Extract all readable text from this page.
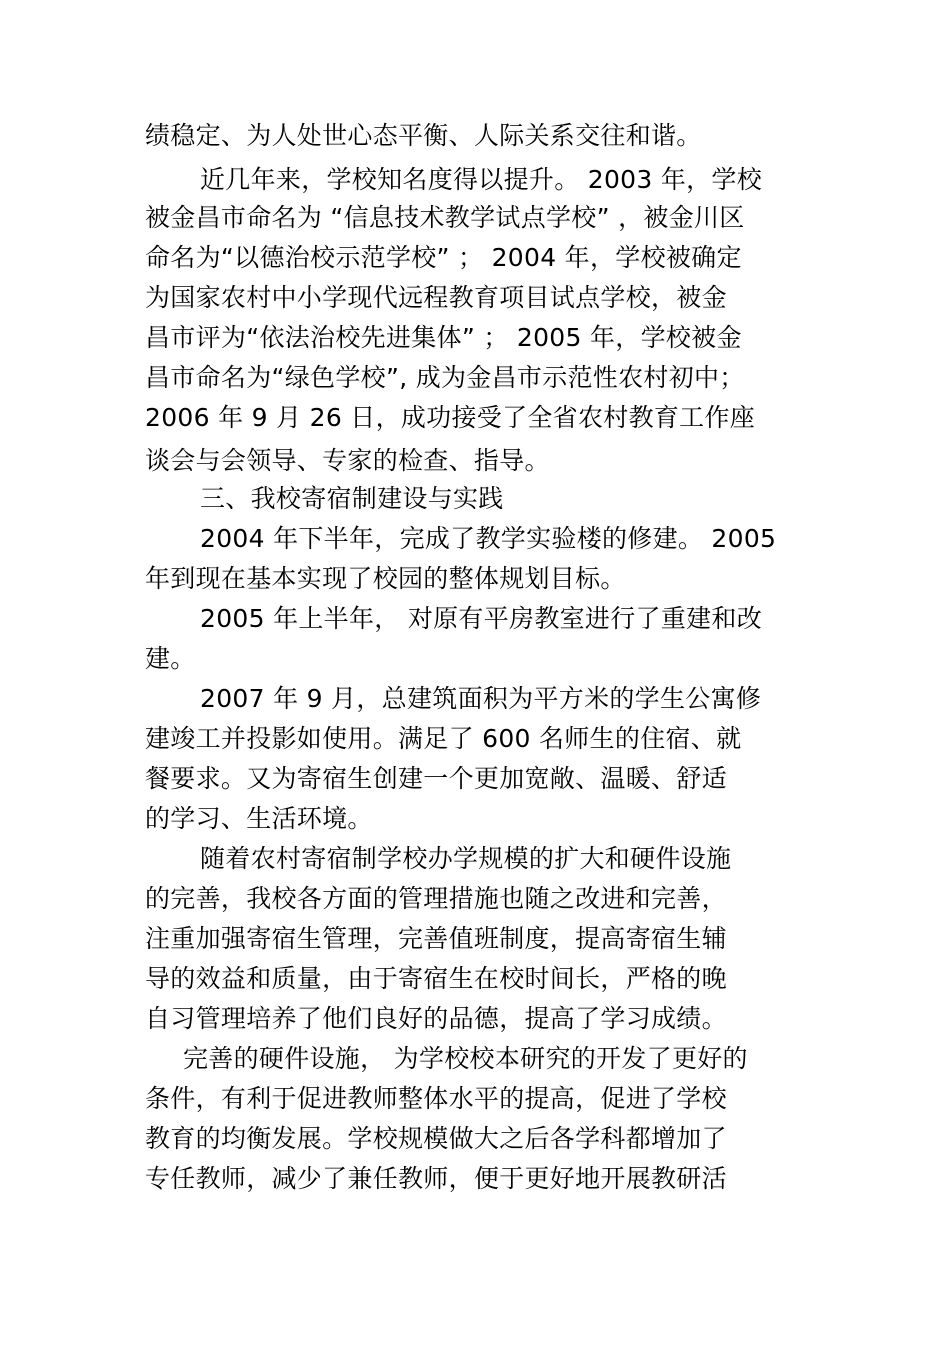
绩稳定、为人处世心态平衡、人际关系交往和谐。
近几年来，学校知名度得以提升。 2003 年，学校
被金昌市命名为 “信息技术教学试点学校” ，被金川区
命名为“以德治校示范学校” ； 2004 年，学校被确定
为国家农村中小学现代远程教育项目试点学校，被金
昌市评为“依法治校先进集体” ； 2005 年，学校被金
昌市命名为“绿色学校”, 成为金昌市示范性农村初中；
2006 年 9 月 26 日，成功接受了全省农村教育工作座
谈会与会领导、专家的检查、指导。
三、我校寄宿制建设与实践
2004 年下半年，完成了教学实验楼的修建。 2005
年到现在基本实现了校园的整体规划目标。
2005 年上半年， 对原有平房教室进行了重建和改
建。
2007 年 9 月，总建筑面积为平方米的学生公寓修
建竣工并投影如使用。满足了 600 名师生的住宿、就
餐要求。又为寄宿生创建一个更加宽敞、温暖、舒适
的学习、生活环境。
随着农村寄宿制学校办学规模的扩大和硬件设施
的完善，我校各方面的管理措施也随之改进和完善，
注重加强寄宿生管理，完善值班制度，提高寄宿生辅
导的效益和质量，由于寄宿生在校时间长，严格的晚
自习管理培养了他们良好的品德，提高了学习成绩。
完善的硬件设施， 为学校校本研究的开发了更好的
条件，有利于促进教师整体水平的提高，促进了学校
教育的均衡发展。学校规模做大之后各学科都增加了
专任教师，减少了兼任教师，便于更好地开展教研活
